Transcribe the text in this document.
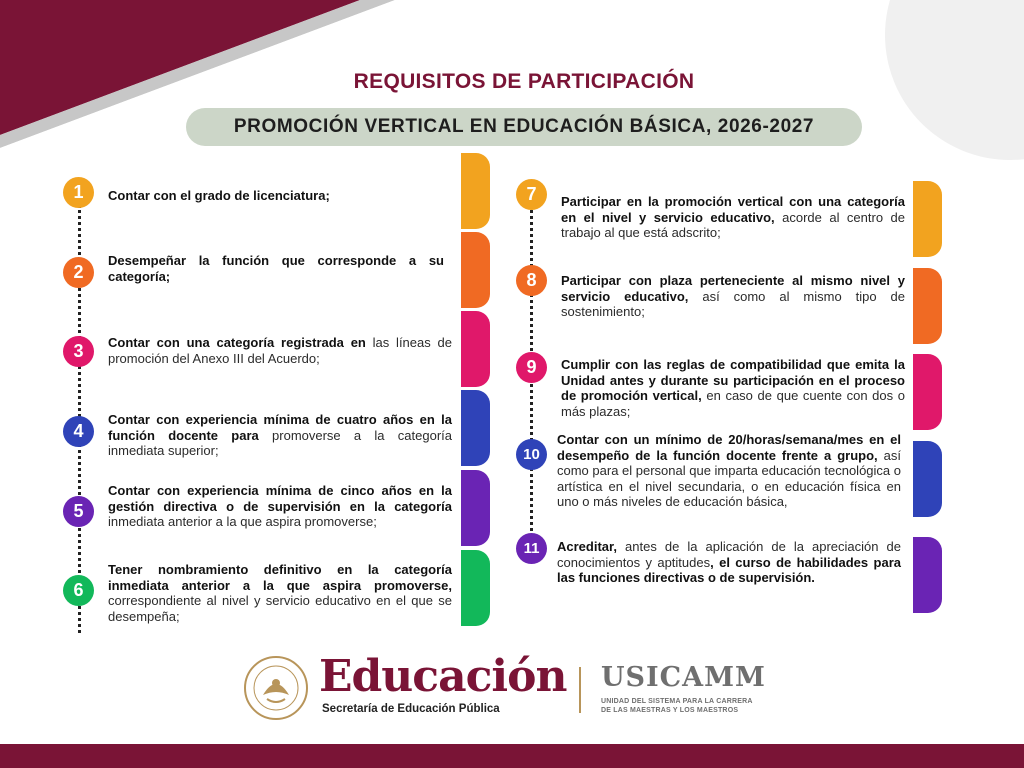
REQUISITOS DE PARTICIPACIÓN
PROMOCIÓN VERTICAL EN EDUCACIÓN BÁSICA, 2026-2027
1	Contar con el grado de licenciatura;
2
Desempeñar la función que corresponde a su categoría;
3	Contar con una categoría registrada en las líneas de promoción del Anexo III del Acuerdo;
4
Contar con experiencia mínima de cuatro años en la función docente para promoverse a la categoría inmediata superior;
5
Contar con experiencia mínima de cinco años en la gestión directiva o de supervisión en la categoría inmediata anterior a la que aspira promoverse;
6
Tener nombramiento definitivo en la categoría inmediata anterior a la que aspira promoverse, correspondiente al nivel y servicio educativo en el que se desempeña;
7	Participar en la promoción vertical con una categoría en el nivel y servicio educativo, acorde al centro de trabajo al que está adscrito;
8	Participar con plaza perteneciente al mismo nivel y servicio educativo, así como al mismo tipo de sostenimiento;
9	Cumplir con las reglas de compatibilidad que emita la Unidad antes y durante su participación en el proceso de promoción vertical, en caso de que cuente con dos o más plazas;
10
Contar con un mínimo de 20/horas/semana/mes en el desempeño de la función docente frente a grupo, así como para el personal que imparta educación tecnológica o artística en el nivel secundaria, o en educación física en uno o más niveles de educación básica,
11	Acreditar, antes de la aplicación de la apreciación de conocimientos y aptitudes, el curso de habilidades para las funciones directivas o de supervisión.
Educación
Secretaría de Educación Pública
USICAMM
UNIDAD DEL SISTEMA PARA LA CARRERA
DE LAS MAESTRAS Y LOS MAESTROS
